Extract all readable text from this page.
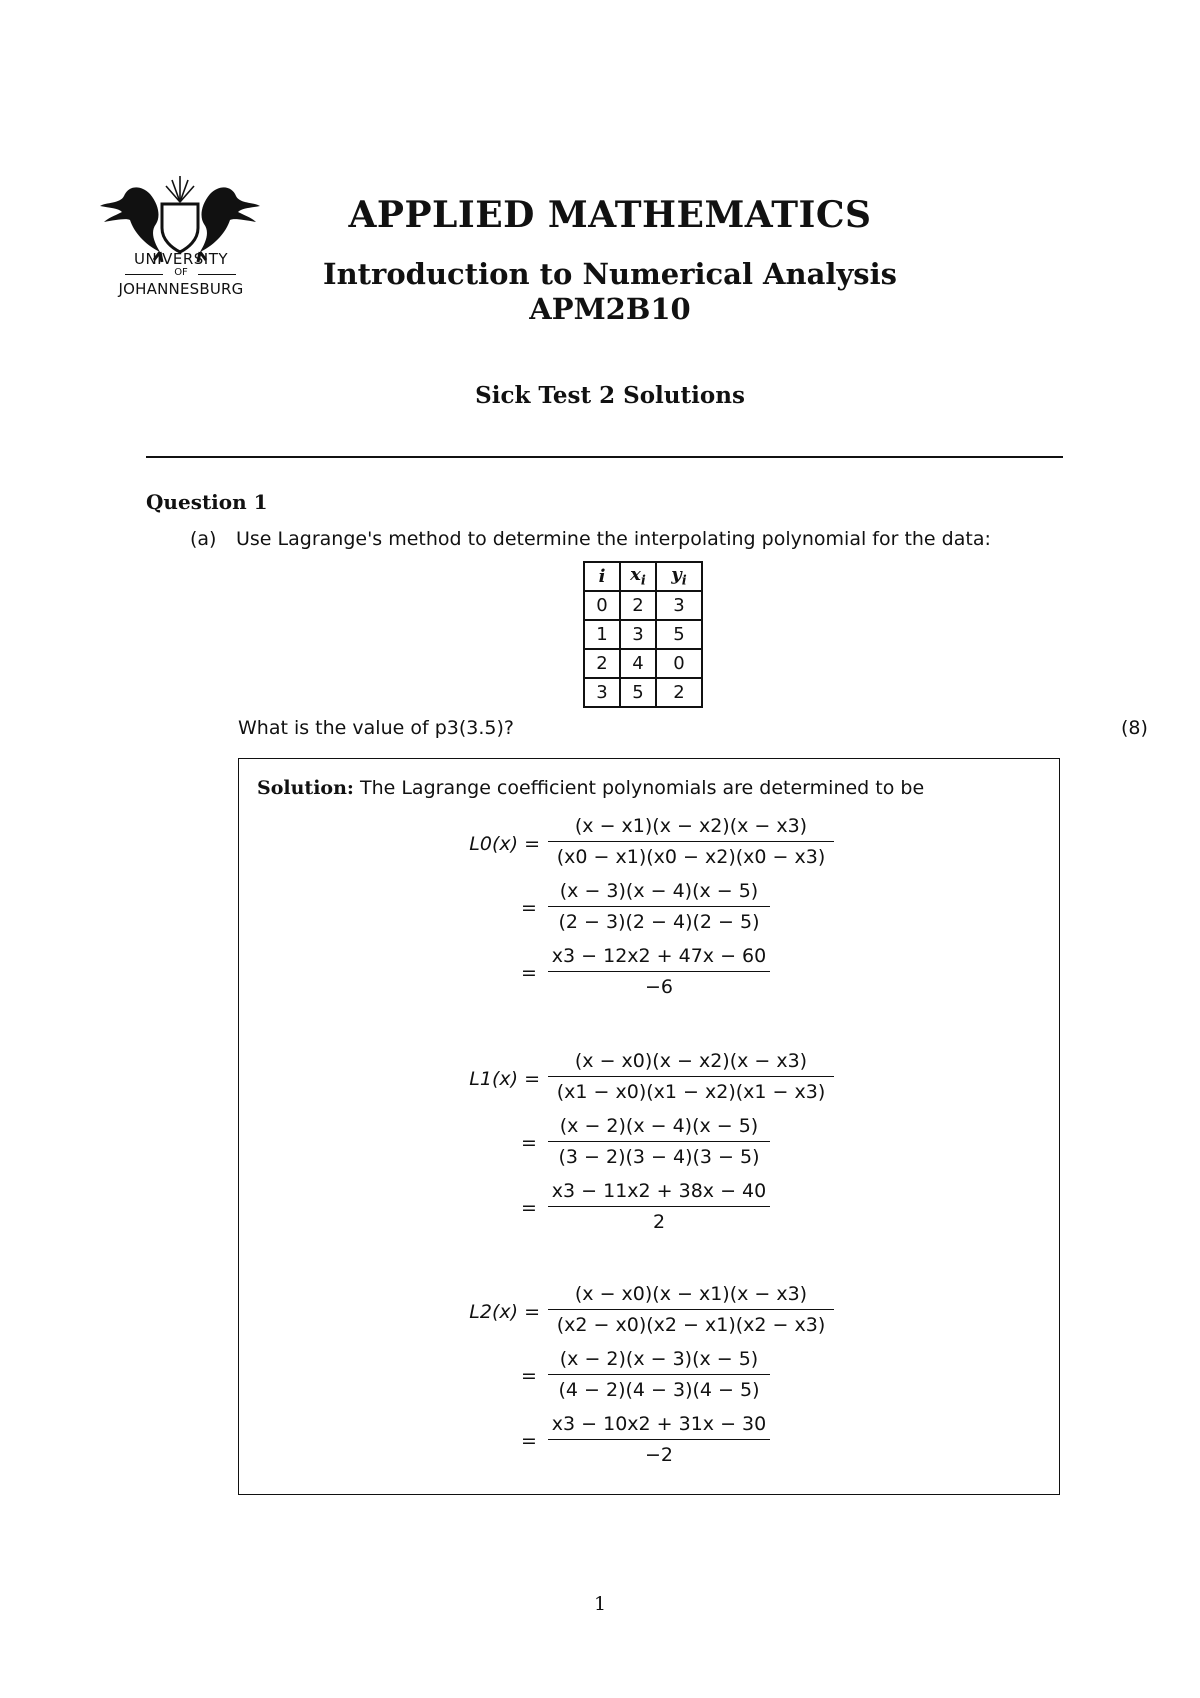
UNIVERSITY
OF
JOHANNESBURG
APPLIED MATHEMATICS
Introduction to Numerical Analysis
APM2B10
Sick Test 2 Solutions
Question 1
(a) Use Lagrange's method to determine the interpolating polynomial for the data:
i	$x_i$	$y_i$
0	2	3
1	3	5
2	4	0
3	5	2
What is the value of p3(3.5)?	(8)
Solution: The Lagrange coefficient polynomials are determined to be
$L0(x) = \frac{(x - x1)(x - x2)(x - x3)}{(x0 - x1)(x0 - x2)(x0 - x3)}$
= $\frac{(x - 3)(x - 4)(x - 5)}{(2 - 3)(2 - 4)(2 - 5)}$
= $\frac{x3 - 12x2 + 47x - 60}{-6}$
$L1(x) = \frac{(x - x0)(x - x2)(x - x3)}{(x1 - x0)(x1 - x2)(x1 - x3)}$
= $\frac{(x - 2)(x - 4)(x - 5)}{(3 - 2)(3 - 4)(3 - 5)}$
= $\frac{x3 - 11x2 + 38x - 40}{2}$
$L2(x) = \frac{(x - x0)(x - x1)(x - x3)}{(x2 - x0)(x2 - x1)(x2 - x3)}$
= $\frac{(x - 2)(x - 3)(x - 5)}{(4 - 2)(4 - 3)(4 - 5)}$
= $\frac{x3 - 10x2 + 31x - 30}{-2}$
1
